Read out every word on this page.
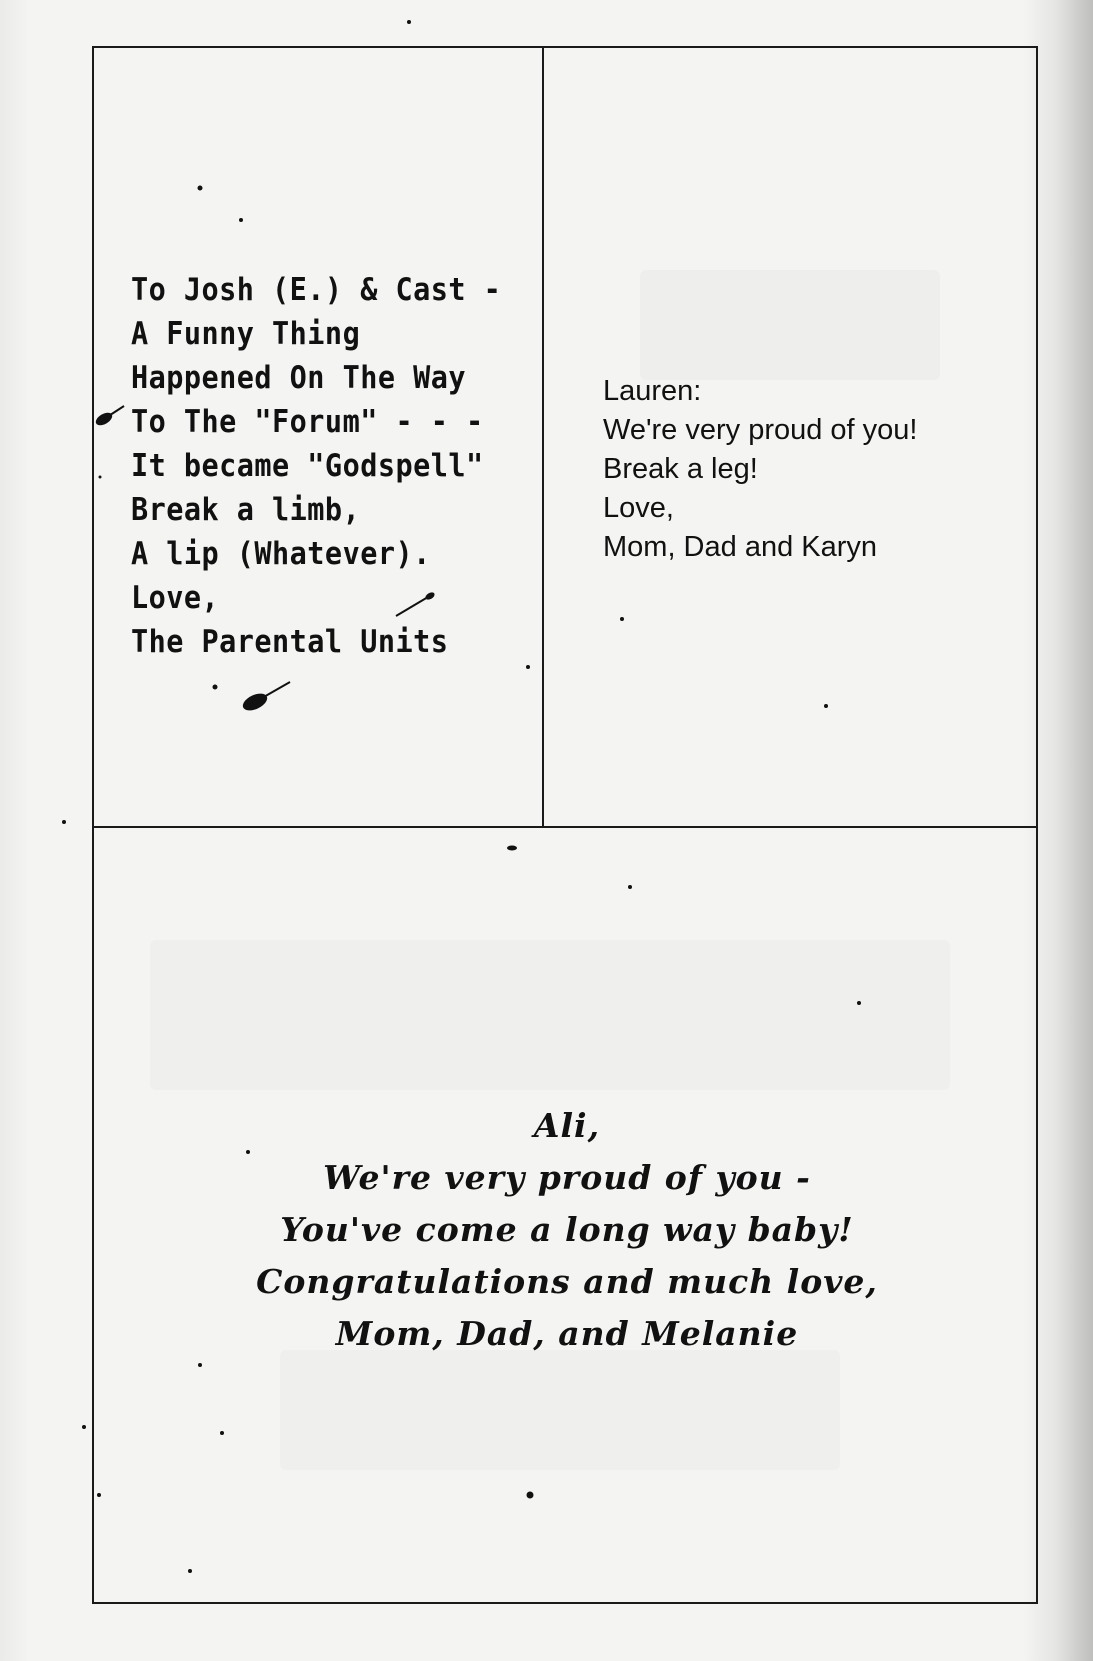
To Josh (E.) & Cast -
A Funny Thing
Happened On The Way
To The "Forum" - - -
It became "Godspell"
Break a limb,
A lip (Whatever).
Love,
The Parental Units
Lauren:
We're very proud of you!
Break a leg!
Love,
Mom, Dad and Karyn
Ali,
We're very proud of you -
You've come a long way baby!
Congratulations and much love,
Mom, Dad, and Melanie
